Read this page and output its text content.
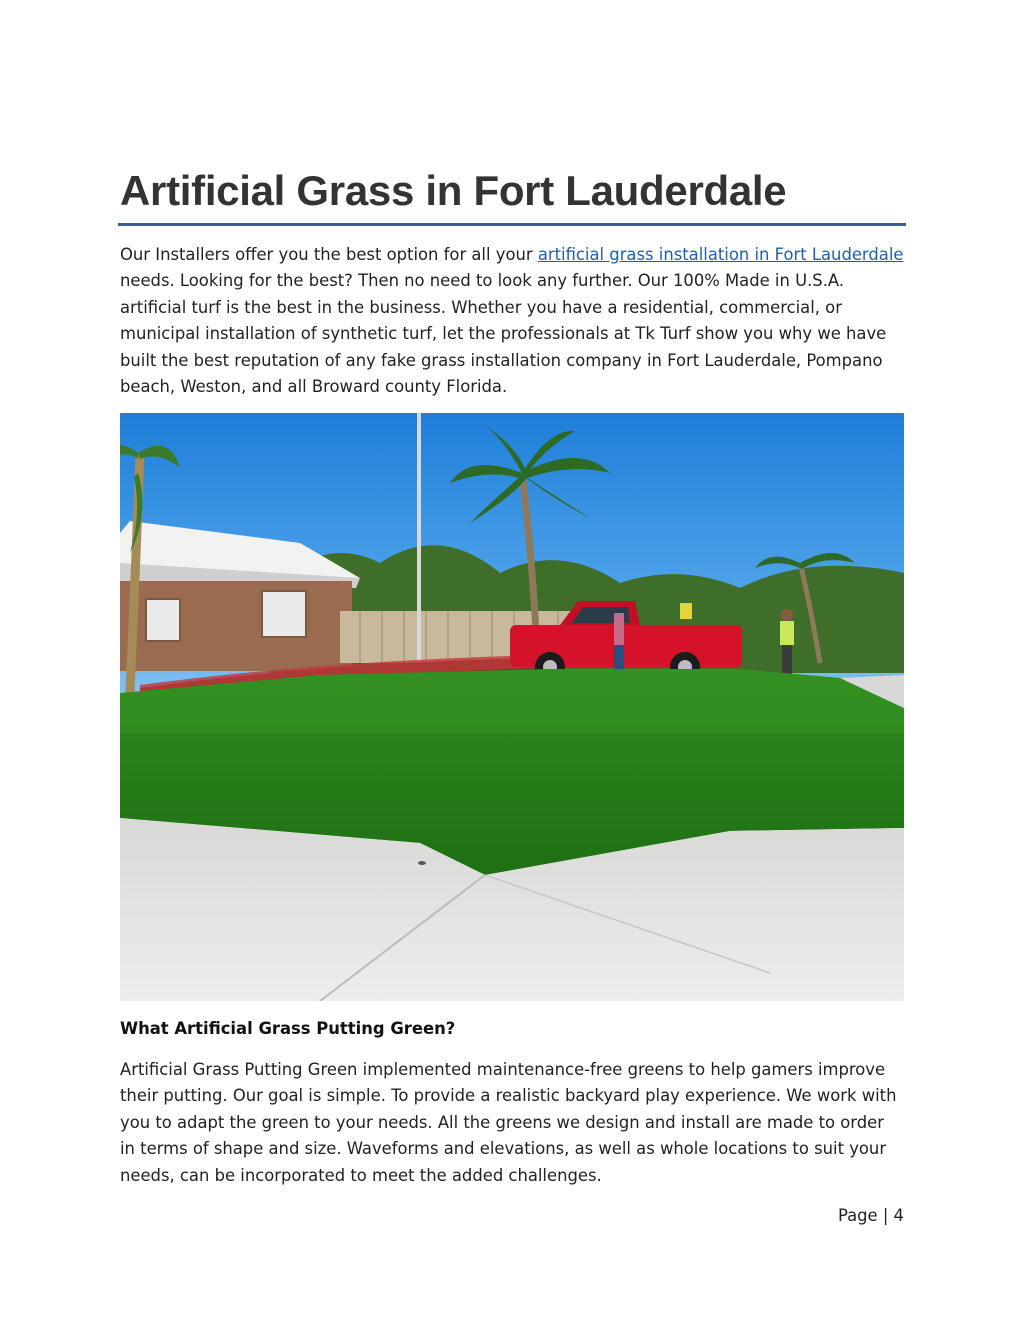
Artificial Grass in Fort Lauderdale

Our Installers offer you the best option for all your artificial grass installation in Fort Lauderdale needs. Looking for the best? Then no need to look any further. Our 100% Made in U.S.A. artificial turf is the best in the business. Whether you have a residential, commercial, or municipal installation of synthetic turf, let the professionals at Tk Turf show you why we have built the best reputation of any fake grass installation company in Fort Lauderdale, Pompano beach, Weston, and all Broward county Florida.

What Artificial Grass Putting Green?

Artificial Grass Putting Green implemented maintenance-free greens to help gamers improve their putting. Our goal is simple. To provide a realistic backyard play experience. We work with you to adapt the green to your needs. All the greens we design and install are made to order in terms of shape and size. Waveforms and elevations, as well as whole locations to suit your needs, can be incorporated to meet the added challenges.

Page | 4
